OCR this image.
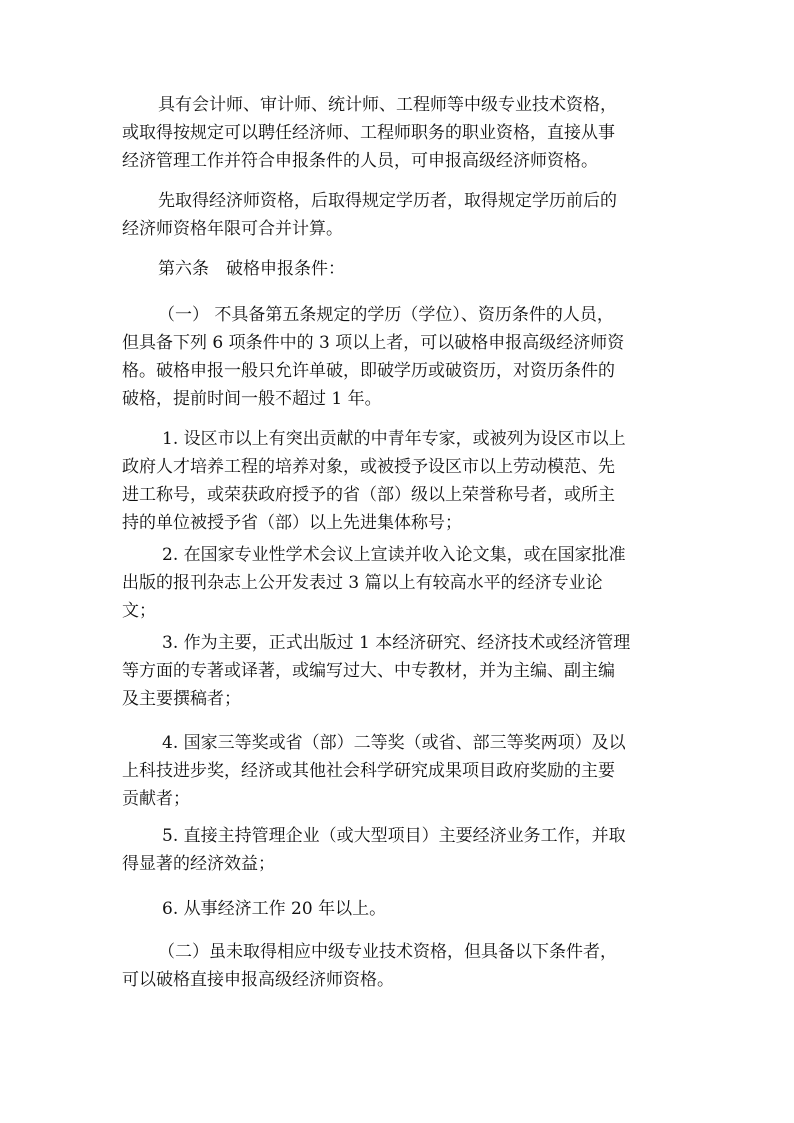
具有会计师、审计师、统计师、工程师等中级专业技术资格，
或取得按规定可以聘任经济师、工程师职务的职业资格，直接从事
经济管理工作并符合申报条件的人员，可申报高级经济师资格。
先取得经济师资格，后取得规定学历者，取得规定学历前后的
经济师资格年限可合并计算。
第六条　破格申报条件：
（一） 不具备第五条规定的学历（学位）、资历条件的人员，
但具备下列 6 项条件中的 3 项以上者，可以破格申报高级经济师资
格。破格申报一般只允许单破，即破学历或破资历，对资历条件的
破格，提前时间一般不超过 1 年。
1. 设区市以上有突出贡献的中青年专家，或被列为设区市以上
政府人才培养工程的培养对象，或被授予设区市以上劳动模范、先
进工称号，或荣获政府授予的省（部）级以上荣誉称号者，或所主
持的单位被授予省（部）以上先进集体称号；
2. 在国家专业性学术会议上宣读并收入论文集，或在国家批准
出版的报刊杂志上公开发表过 3 篇以上有较高水平的经济专业论
文；
3. 作为主要，正式出版过 1 本经济研究、经济技术或经济管理
等方面的专著或译著，或编写过大、中专教材，并为主编、副主编
及主要撰稿者；
4. 国家三等奖或省（部）二等奖（或省、部三等奖两项）及以
上科技进步奖，经济或其他社会科学研究成果项目政府奖励的主要
贡献者；
5. 直接主持管理企业（或大型项目）主要经济业务工作，并取
得显著的经济效益；
6. 从事经济工作 20 年以上。
（二）虽未取得相应中级专业技术资格，但具备以下条件者，
可以破格直接申报高级经济师资格。
